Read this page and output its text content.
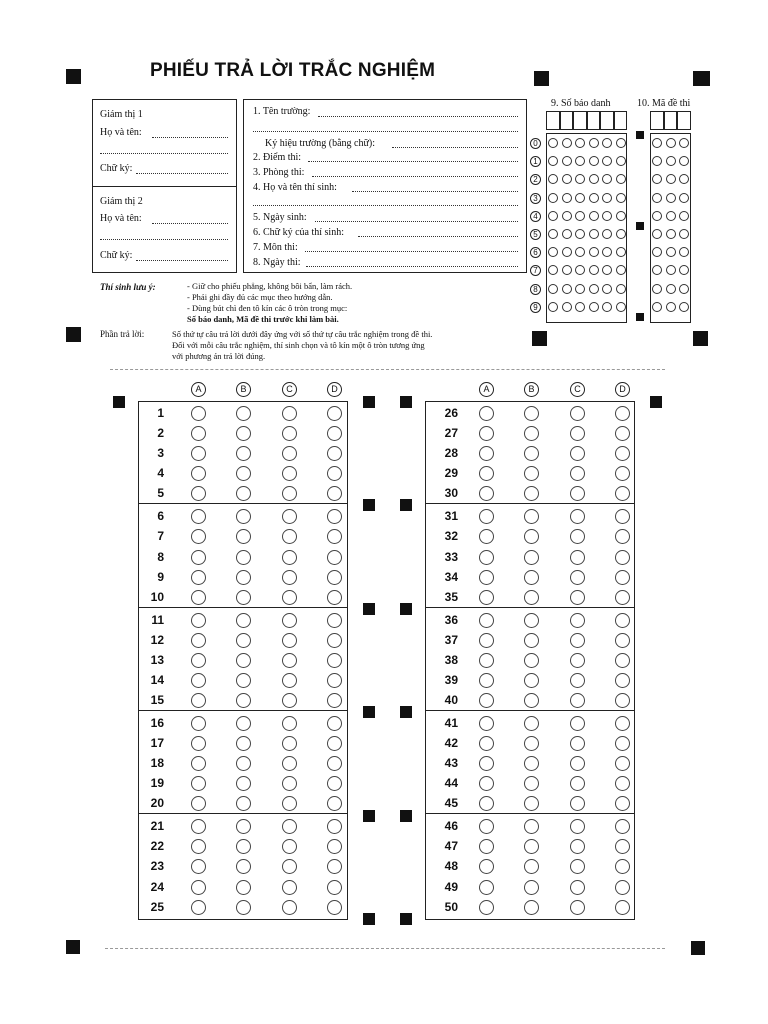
PHIẾU TRẢ LỜI TRẮC NGHIỆM
Giám thị 1
Họ và tên:
Chữ ký:
Giám thị 2
Họ và tên:
Chữ ký:
1. Tên trường:
Ký hiệu trường (bằng chữ):
2. Điểm thi:
3. Phòng thi:
4. Họ và tên thí sinh:
5. Ngày sinh:
6. Chữ ký của thí sinh:
7. Môn thi:
8. Ngày thi:
9. Số báo danh	10. Mã đề thi
Thí sinh lưu ý:	- Giữ cho phiếu phẳng, không bôi bẩn, làm rách.
- Phải ghi đầy đủ các mục theo hướng dẫn.
- Dùng bút chì đen tô kín các ô tròn trong mục:
Số báo danh, Mã đề thi trước khi làm bài.
Phần trả lời:	Số thứ tự câu trả lời dưới đây ứng với số thứ tự câu trắc nghiệm trong đề thi.
Đối với mỗi câu trắc nghiệm, thí sinh chọn và tô kín một ô tròn tương ứng
với phương án trả lời đúng.
0
1
2
3
4
5
6
7
8
9
A	B	C	D
1
2
3
4
5
6
7
8
9
10
11
12
13
14
15
16
17
18
19
20
21
22
23
24
25
A	B	C	D
26
27
28
29
30
31
32
33
34
35
36
37
38
39
40
41
42
43
44
45
46
47
48
49
50
